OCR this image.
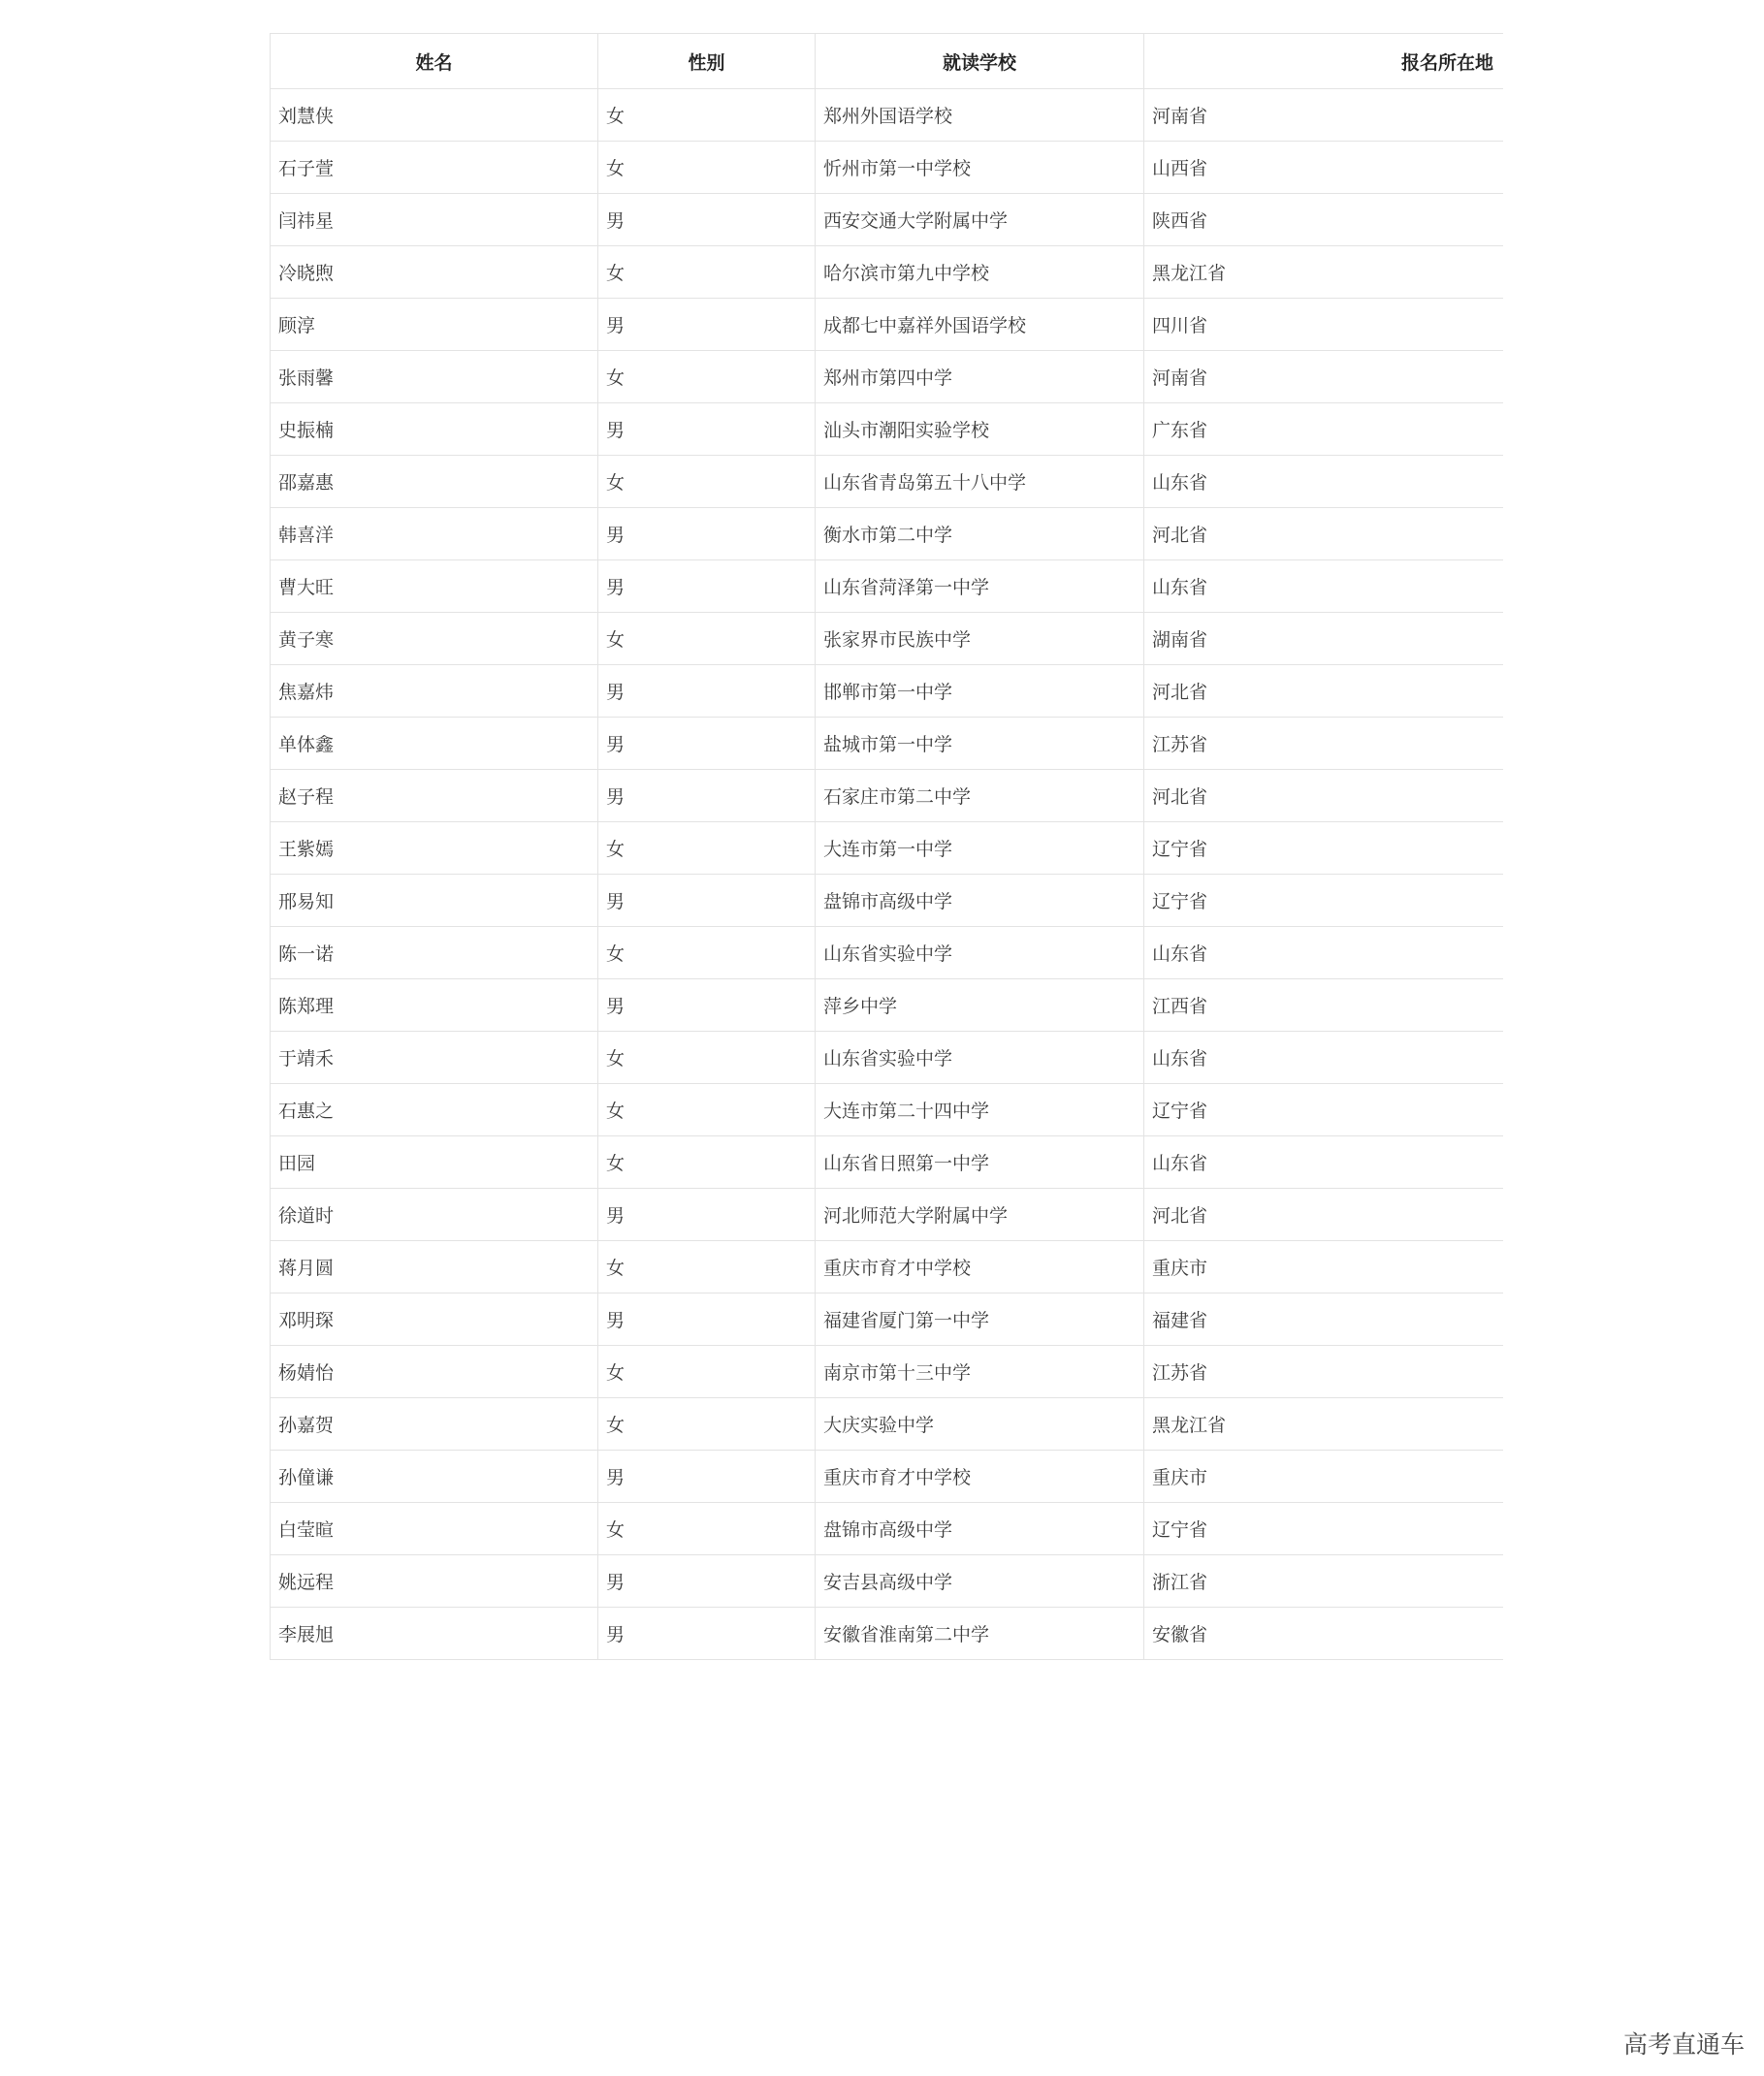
姓名	性别	就读学校	报名所在地
刘慧侠	女	郑州外国语学校	河南省
石子萱	女	忻州市第一中学校	山西省
闫祎星	男	西安交通大学附属中学	陕西省
冷晓煦	女	哈尔滨市第九中学校	黑龙江省
顾淳	男	成都七中嘉祥外国语学校	四川省
张雨馨	女	郑州市第四中学	河南省
史振楠	男	汕头市潮阳实验学校	广东省
邵嘉惠	女	山东省青岛第五十八中学	山东省
韩喜洋	男	衡水市第二中学	河北省
曹大旺	男	山东省菏泽第一中学	山东省
黄子寒	女	张家界市民族中学	湖南省
焦嘉炜	男	邯郸市第一中学	河北省
单体鑫	男	盐城市第一中学	江苏省
赵子程	男	石家庄市第二中学	河北省
王紫嫣	女	大连市第一中学	辽宁省
邢易知	男	盘锦市高级中学	辽宁省
陈一诺	女	山东省实验中学	山东省
陈郑理	男	萍乡中学	江西省
于靖禾	女	山东省实验中学	山东省
石惠之	女	大连市第二十四中学	辽宁省
田园	女	山东省日照第一中学	山东省
徐道时	男	河北师范大学附属中学	河北省
蒋月圆	女	重庆市育才中学校	重庆市
邓明琛	男	福建省厦门第一中学	福建省
杨婧怡	女	南京市第十三中学	江苏省
孙嘉贺	女	大庆实验中学	黑龙江省
孙僮谦	男	重庆市育才中学校	重庆市
白莹暄	女	盘锦市高级中学	辽宁省
姚远程	男	安吉县高级中学	浙江省
李展旭	男	安徽省淮南第二中学	安徽省
高考直通车
